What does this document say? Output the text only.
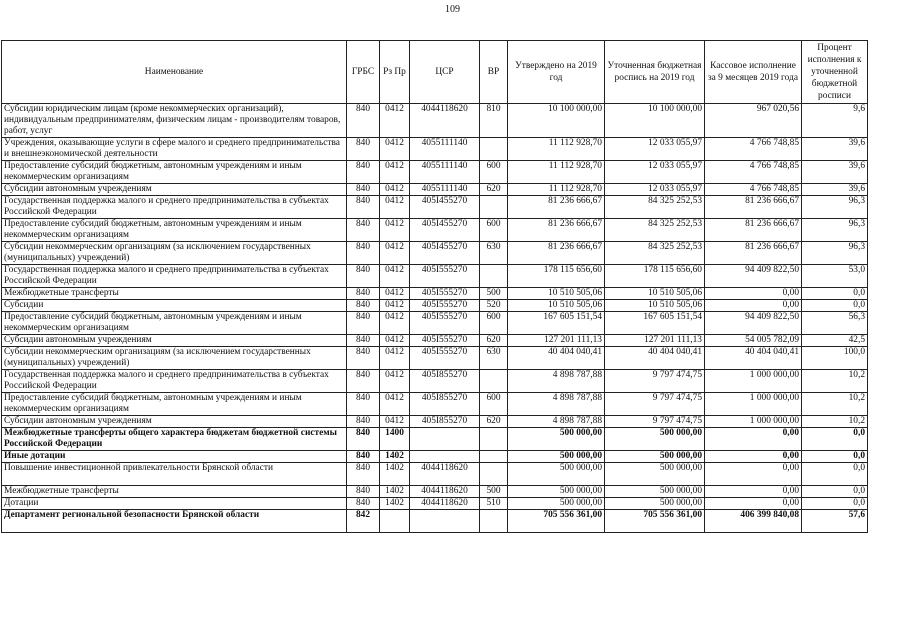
109
Наименование	ГРБС	Рз Пр	ЦСР	ВР	Утверждено на 2019 год	Уточненная бюджетная роспись на 2019 год	Кассовое исполнение за 9 месяцев 2019 года	Процент исполнения к уточненной бюджетной росписи
Субсидии юридическим лицам (кроме некоммерческих организаций), индивидуальным предпринимателям, физическим лицам - производителям товаров, работ, услуг	840	0412	4044118620	810	10 100 000,00	10 100 000,00	967 020,56	9,6
Учреждения, оказывающие услуги в сфере малого и среднего предпринимательства и внешнеэкономической деятельности	840	0412	4055111140		11 112 928,70	12 033 055,97	4 766 748,85	39,6
Предоставление субсидий бюджетным, автономным учреждениям и иным некоммерческим организациям	840	0412	4055111140	600	11 112 928,70	12 033 055,97	4 766 748,85	39,6
Субсидии автономным учреждениям	840	0412	4055111140	620	11 112 928,70	12 033 055,97	4 766 748,85	39,6
Государственная поддержка малого и среднего предпринимательства в субъектах Российской Федерации	840	0412	405I455270		81 236 666,67	84 325 252,53	81 236 666,67	96,3
Предоставление субсидий бюджетным, автономным учреждениям и иным некоммерческим организациям	840	0412	405I455270	600	81 236 666,67	84 325 252,53	81 236 666,67	96,3
Субсидии некоммерческим организациям (за исключением государственных (муниципальных) учреждений)	840	0412	405I455270	630	81 236 666,67	84 325 252,53	81 236 666,67	96,3
Государственная поддержка малого и среднего предпринимательства в субъектах Российской Федерации	840	0412	405I555270		178 115 656,60	178 115 656,60	94 409 822,50	53,0
Межбюджетные трансферты	840	0412	405I555270	500	10 510 505,06	10 510 505,06	0,00	0,0
Субсидии	840	0412	405I555270	520	10 510 505,06	10 510 505,06	0,00	0,0
Предоставление субсидий бюджетным, автономным учреждениям и иным некоммерческим организациям	840	0412	405I555270	600	167 605 151,54	167 605 151,54	94 409 822,50	56,3
Субсидии автономным учреждениям	840	0412	405I555270	620	127 201 111,13	127 201 111,13	54 005 782,09	42,5
Субсидии некоммерческим организациям (за исключением государственных (муниципальных) учреждений)	840	0412	405I555270	630	40 404 040,41	40 404 040,41	40 404 040,41	100,0
Государственная поддержка малого и среднего предпринимательства в субъектах Российской Федерации	840	0412	405I855270		4 898 787,88	9 797 474,75	1 000 000,00	10,2
Предоставление субсидий бюджетным, автономным учреждениям и иным некоммерческим организациям	840	0412	405I855270	600	4 898 787,88	9 797 474,75	1 000 000,00	10,2
Субсидии автономным учреждениям	840	0412	405I855270	620	4 898 787,88	9 797 474,75	1 000 000,00	10,2
Межбюджетные трансферты общего характера бюджетам бюджетной системы Российской Федерации	840	1400			500 000,00	500 000,00	0,00	0,0
Иные дотации	840	1402			500 000,00	500 000,00	0,00	0,0
Повышение инвестиционной привлекательности Брянской области	840	1402	4044118620		500 000,00	500 000,00	0,00	0,0
Межбюджетные трансферты	840	1402	4044118620	500	500 000,00	500 000,00	0,00	0,0
Дотации	840	1402	4044118620	510	500 000,00	500 000,00	0,00	0,0
Департамент региональной безопасности Брянской области	842				705 556 361,00	705 556 361,00	406 399 840,08	57,6
